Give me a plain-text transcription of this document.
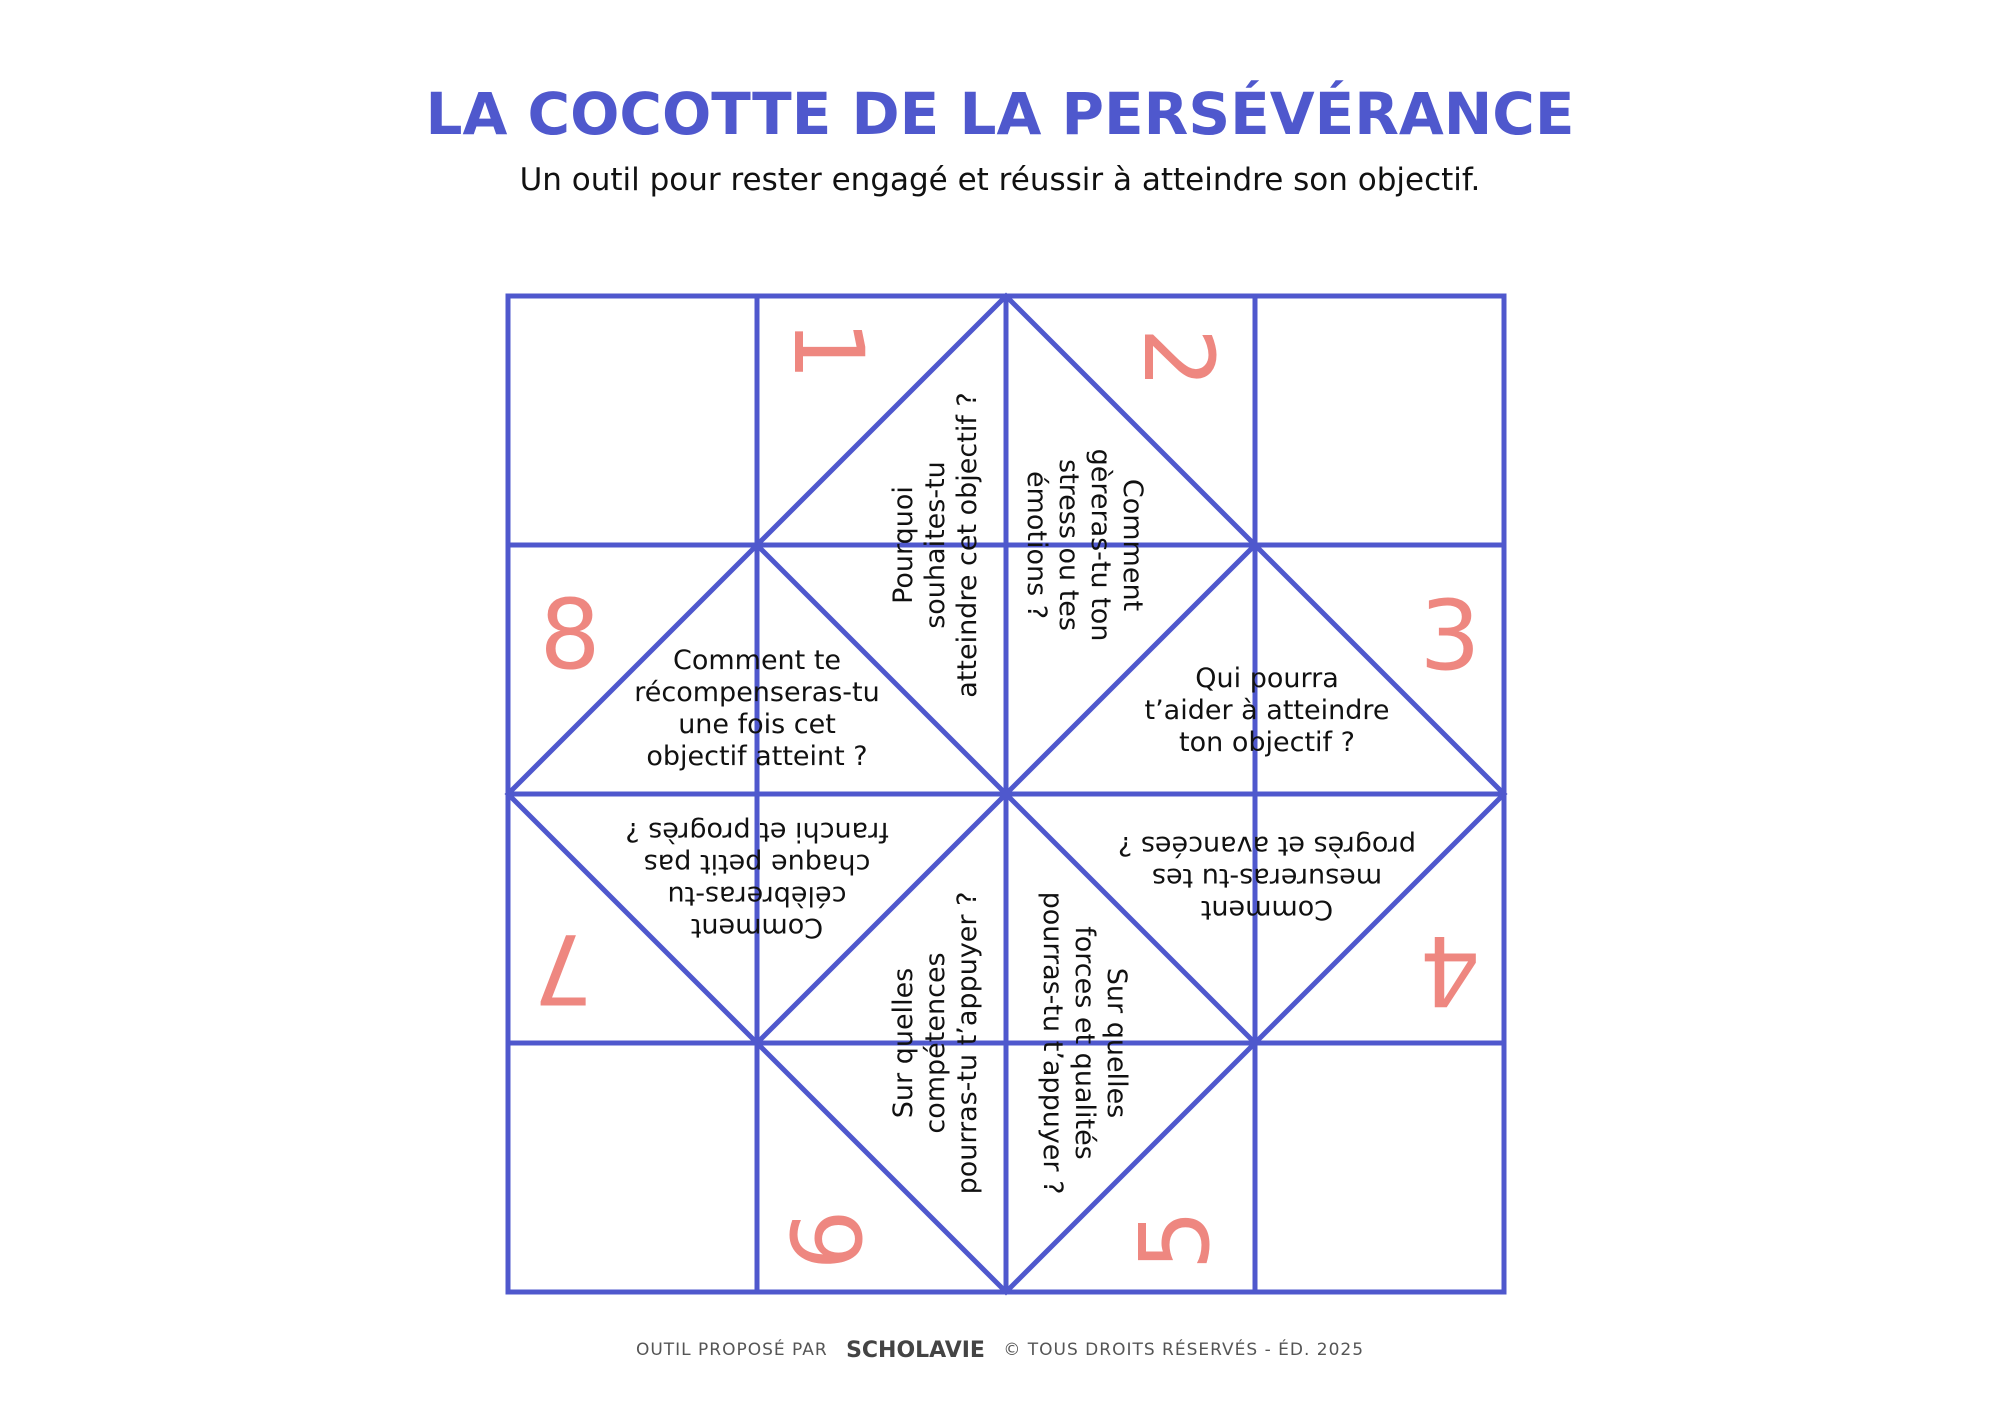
LA COCOTTE DE LA PERSÉVÉRANCE

Un outil pour rester engagé et réussir à atteindre son objectif.

1 2
3
4
5
6
7
8
Pourquoisouhaites-tuatteindre cet objectif ?	Commentgèreras-tu tonstress ou tesémotions ?
Qui pourra t’aider à atteindre ton objectif ?
Commentmesureras-tu tesprogrès et avancées ?
Sur quellesforces et qualitéspourras-tu t’appuyer ?
Sur quellescompétencespourras-tu t’appuyer ?
Commentcélèbreras-tuchaque petit pasfranchi et progrès ?
Comment te récompenseras-tu une fois cet objectif atteint ?
OUTIL PROPOSÉ PAR SCHOLAVIE © TOUS DROITS RÉSERVÉS - ÉD. 2025
